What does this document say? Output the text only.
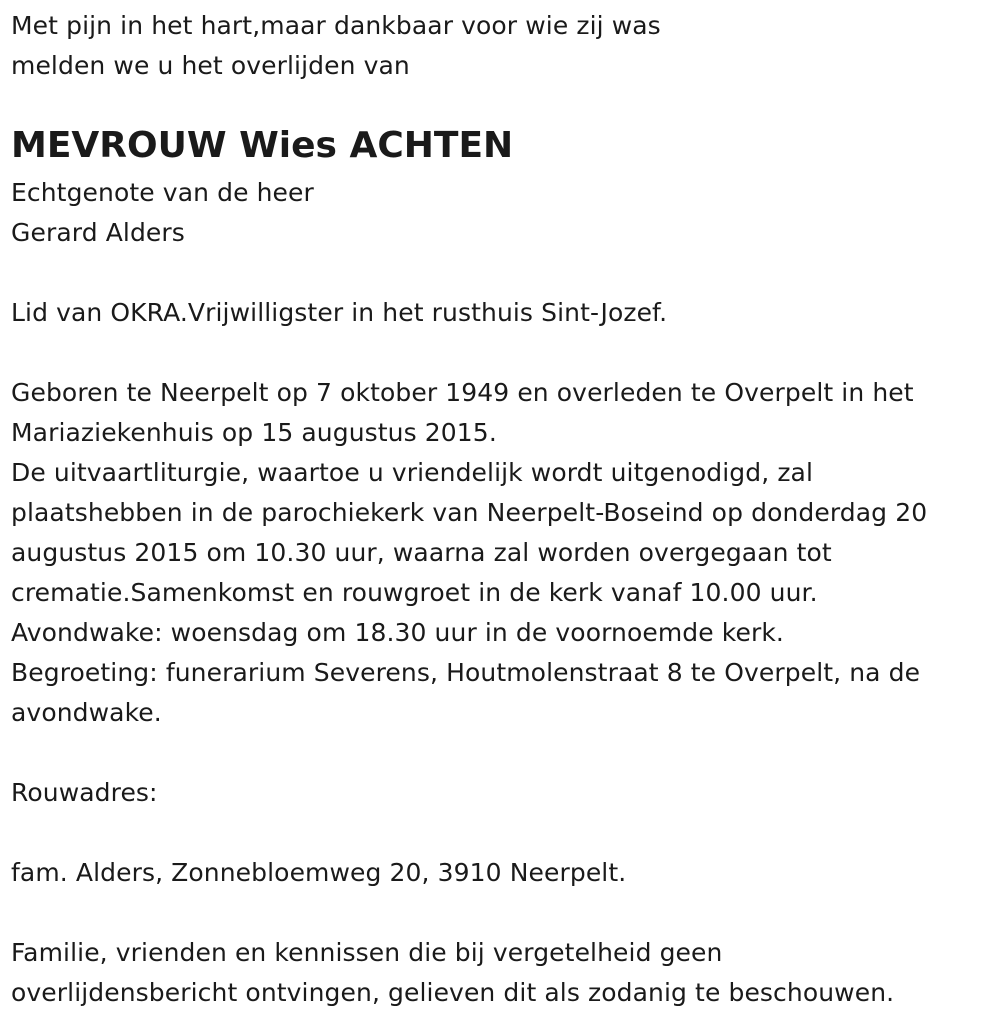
Met pijn in het hart,maar dankbaar voor wie zij was

melden we u het overlijden van

MEVROUW Wies ACHTEN

Echtgenote van de heer

Gerard Alders

Lid van OKRA.Vrijwilligster in het rusthuis Sint-Jozef.

Geboren te Neerpelt op 7 oktober 1949 en overleden te Overpelt in het

Mariaziekenhuis op 15 augustus 2015.

De uitvaartliturgie, waartoe u vriendelijk wordt uitgenodigd, zal

plaatshebben in de parochiekerk van Neerpelt-Boseind op donderdag 20

augustus 2015 om 10.30 uur, waarna zal worden overgegaan tot

crematie.Samenkomst en rouwgroet in de kerk vanaf 10.00 uur.

Avondwake: woensdag om 18.30 uur in de voornoemde kerk.

Begroeting: funerarium Severens, Houtmolenstraat 8 te Overpelt, na de

avondwake.

Rouwadres:

fam. Alders, Zonnebloemweg 20, 3910 Neerpelt.

Familie, vrienden en kennissen die bij vergetelheid geen

overlijdensbericht ontvingen, gelieven dit als zodanig te beschouwen.
